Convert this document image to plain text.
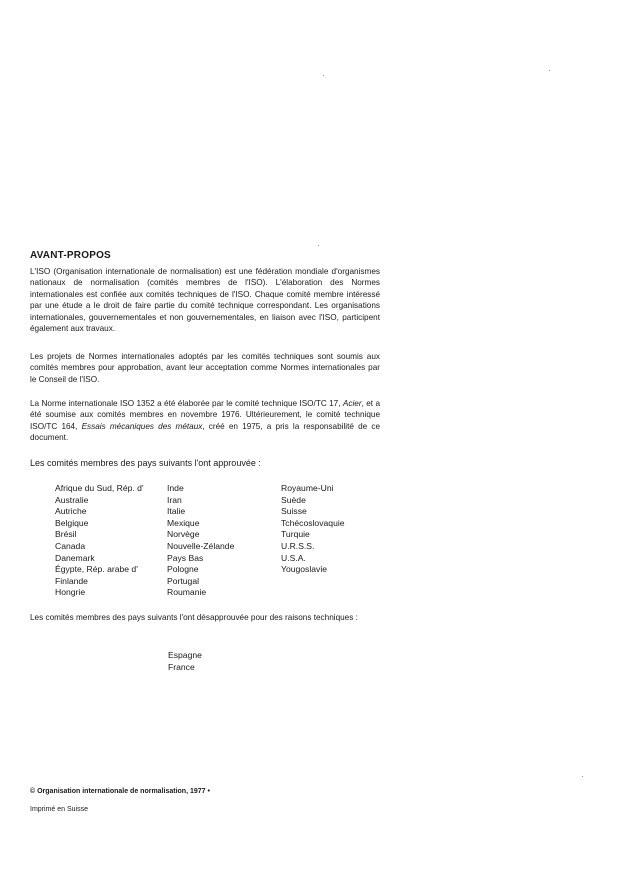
AVANT-PROPOS

L'ISO (Organisation internationale de normalisation) est une fédération mondiale d'organismes nationaux de normalisation (comités membres de l'ISO). L'élaboration des Normes internationales est confiée aux comités techniques de l'ISO. Chaque comité membre intéressé par une étude a le droit de faire partie du comité technique correspondant. Les organisations internationales, gouvernementales et non gouvernementales, en liaison avec l'ISO, participent également aux travaux.

Les projets de Normes internationales adoptés par les comités techniques sont soumis aux comités membres pour approbation, avant leur acceptation comme Normes internationales par le Conseil de l'ISO.

La Norme internationale ISO 1352 a été élaborée par le comité technique ISO/TC 17, Acier, et a été soumise aux comités membres en novembre 1976. Ultérieurement, le comité technique ISO/TC 164, Essais mécaniques des métaux, créé en 1975, a pris la responsabilité de ce document.

Les comités membres des pays suivants l'ont approuvée :

Afrique du Sud, Rép. d'
Australie
Autriche
Belgique
Brésil
Canada
Danemark
Égypte, Rép. arabe d'
Finlande
Hongrie
Inde
Iran
Italie
Mexique
Norvège
Nouvelle-Zélande
Pays Bas
Pologne
Portugal
Roumanie
Royaume-Uni
Suède
Suisse
Tchécoslovaquie
Turquie
U.R.S.S.
U.S.A.
Yougoslavie

Les comités membres des pays suivants l'ont désapprouvée pour des raisons techniques :

Espagne
France
© Organisation internationale de normalisation, 1977 •
Imprimé en Suisse
